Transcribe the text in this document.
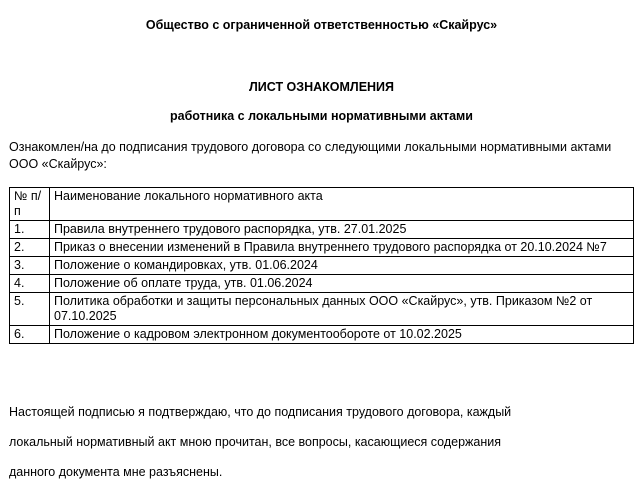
Общество с ограниченной ответственностью «Скайрус»
ЛИСТ ОЗНАКОМЛЕНИЯ
работника с локальными нормативными актами
Ознакомлен/на до подписания трудового договора со следующими локальными нормативными актами ООО «Скайрус»:
№ п/п	Наименование локального нормативного акта
1.	Правила внутреннего трудового распорядка, утв. 27.01.2025
2.	Приказ о внесении изменений в Правила внутреннего трудового распорядка от 20.10.2024 №7
3.	Положение о командировках, утв. 01.06.2024
4.	Положение об оплате труда, утв. 01.06.2024
5.	Политика обработки и защиты персональных данных ООО «Скайрус», утв. Приказом №2 от 07.10.2025
6.	Положение о кадровом электронном документообороте от 10.02.2025
Настоящей подписью я подтверждаю, что до подписания трудового договора, каждый
локальный нормативный акт мною прочитан, все вопросы, касающиеся содержания
данного документа мне разъяснены.
